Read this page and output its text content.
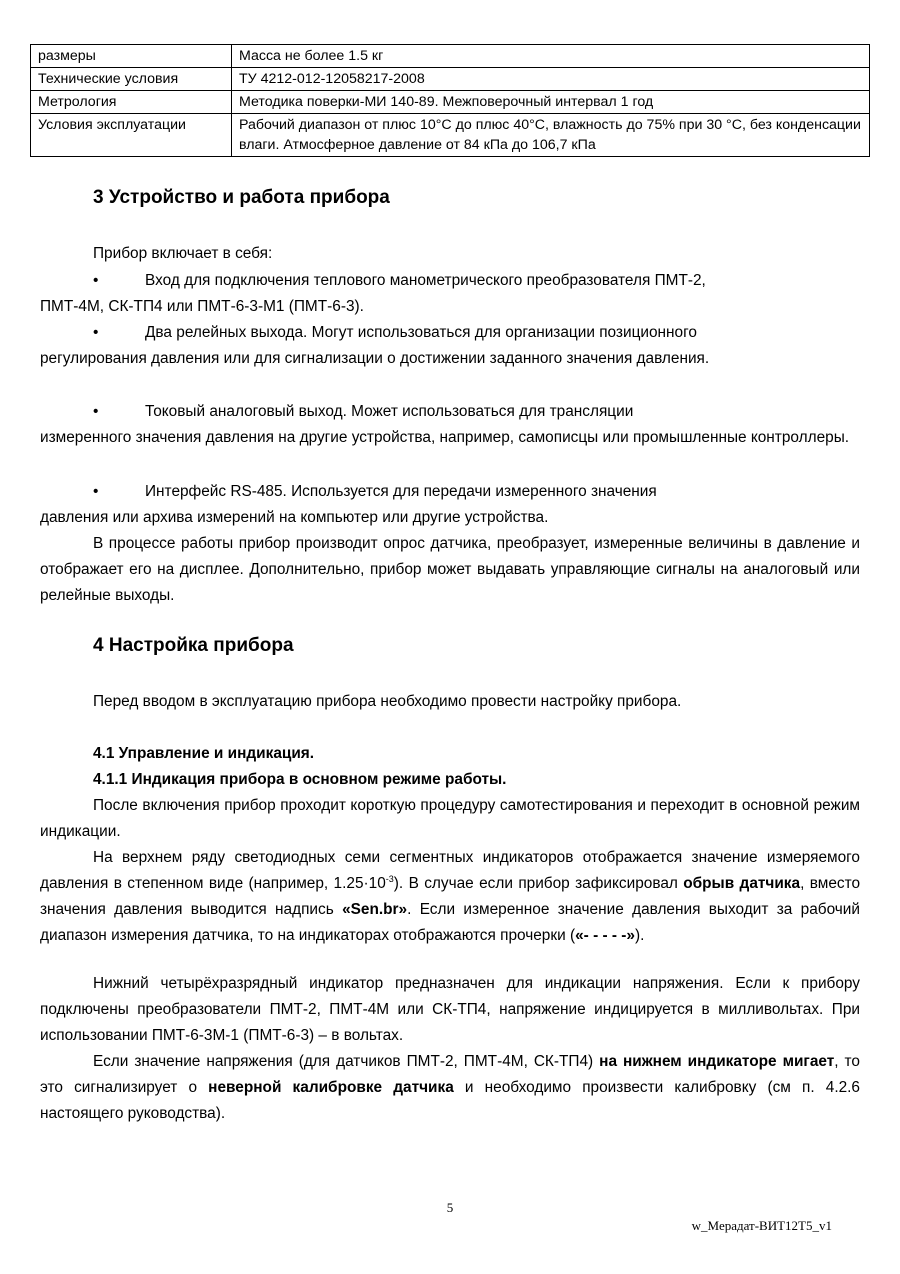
размеры	Масса не более 1.5 кг
Технические условия	ТУ 4212-012-12058217-2008
Метрология	Методика поверки-МИ 140-89. Межповерочный интервал 1 год
Условия эксплуатации	Рабочий диапазон от плюс 10°С до плюс 40°С, влажность до 75% при 30 °С, без конденсации влаги. Атмосферное давление от 84 кПа до 106,7 кПа
3 Устройство и работа прибора
Прибор включает в себя:
•	Вход для подключения теплового манометрического преобразователя ПМТ-2,
ПМТ-4М, СК-ТП4 или ПМТ-6-3-М1 (ПМТ-6-3).
•	Два релейных выхода. Могут использоваться для организации позиционного
регулирования давления или для сигнализации о достижении заданного значения давления.
•	Токовый аналоговый выход. Может использоваться для трансляции
измеренного значения давления на другие устройства, например, самописцы или промышленные контроллеры.
•	Интерфейс RS-485. Используется для передачи измеренного значения
давления или архива измерений на компьютер или другие устройства.
В процессе работы прибор производит опрос датчика, преобразует, измеренные величины в давление и отображает его на дисплее. Дополнительно, прибор может выдавать управляющие сигналы на аналоговый или релейные выходы.
4 Настройка прибора
Перед вводом в эксплуатацию прибора необходимо провести настройку прибора.
4.1 Управление и индикация.
4.1.1 Индикация прибора в основном режиме работы.
После включения прибор проходит короткую процедуру самотестирования и переходит в основной режим индикации.
На верхнем ряду светодиодных семи сегментных индикаторов отображается значение измеряемого давления в степенном виде (например, $1.25\cdot 10^{-3}$). В случае если прибор зафиксировал обрыв датчика, вместо значения давления выводится надпись «Sen.br». Если измеренное значение давления выходит за рабочий диапазон измерения датчика, то на индикаторах отображаются прочерки («- - - - -»).
Нижний четырёхразрядный индикатор предназначен для индикации напряжения. Если к прибору подключены преобразователи ПМТ-2, ПМТ-4М или СК-ТП4, напряжение индицируется в милливольтах. При использовании ПМТ-6-3М-1 (ПМТ-6-3) – в вольтах.
Если значение напряжения (для датчиков ПМТ-2, ПМТ-4М, СК-ТП4) на нижнем индикаторе мигает, то это сигнализирует о неверной калибровке датчика и необходимо произвести калибровку (см п. 4.2.6 настоящего руководства).
5
w_Мерадат-ВИТ12Т5_v1
